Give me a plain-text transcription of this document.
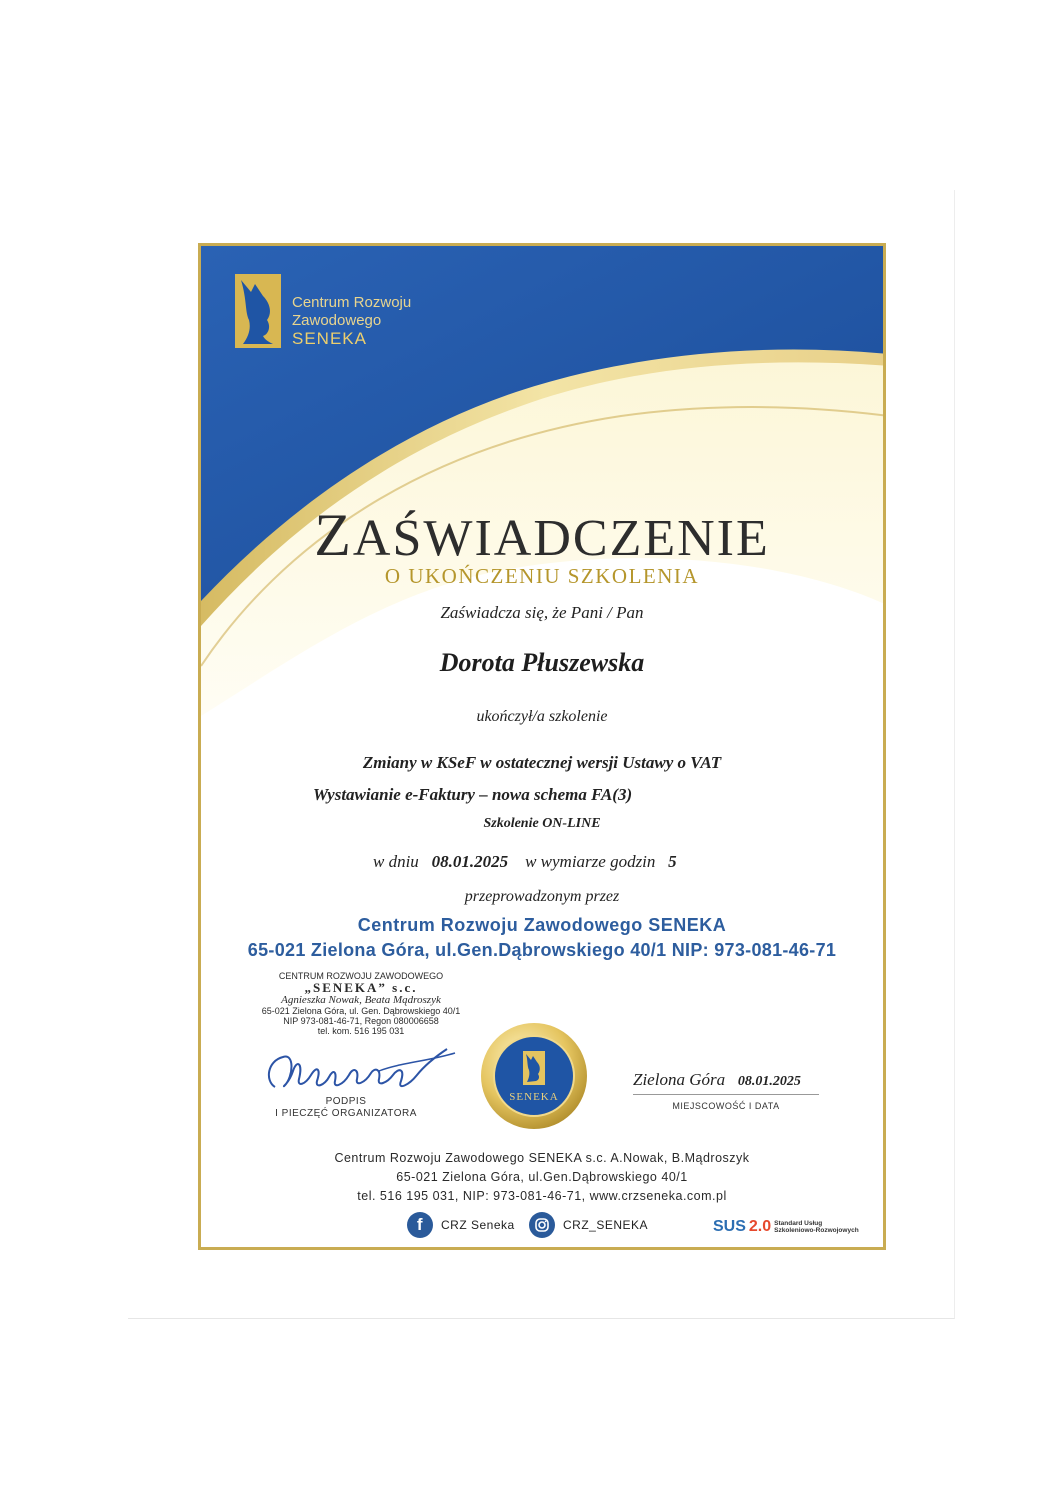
Centrum Rozwoju
Zawodowego
SENEKA
ZAŚWIADCZENIE
O UKOŃCZENIU SZKOLENIA
Zaświadcza się, że Pani / Pan
Dorota Płuszewska
ukończył/a szkolenie
Zmiany w KSeF w ostatecznej wersji Ustawy o VAT
Wystawianie e-Faktury – nowa schema FA(3)
Szkolenie ON-LINE
w dniu 08.01.2025 w wymiarze godzin 5
przeprowadzonym przez
Centrum Rozwoju Zawodowego SENEKA
65-021 Zielona Góra, ul.Gen.Dąbrowskiego 40/1 NIP: 973-081-46-71
CENTRUM ROZWOJU ZAWODOWEGO
„SENEKA” s.c.
Agnieszka Nowak, Beata Mądroszyk
65-021 Zielona Góra, ul. Gen. Dąbrowskiego 40/1
NIP 973-081-46-71, Regon 080006658
tel. kom. 516 195 031
PODPIS
I PIECZĘĆ ORGANIZATORA
SENEKA
Zielona Góra 08.01.2025
MIEJSCOWOŚĆ I DATA
Centrum Rozwoju Zawodowego SENEKA s.c. A.Nowak, B.Mądroszyk
65-021 Zielona Góra, ul.Gen.Dąbrowskiego 40/1
tel. 516 195 031, NIP: 973-081-46-71, www.crzseneka.com.pl
f	CRZ Seneka	CRZ_SENEKA	SUS 2.0 Standard Usług
Szkoleniowo-Rozwojowych
